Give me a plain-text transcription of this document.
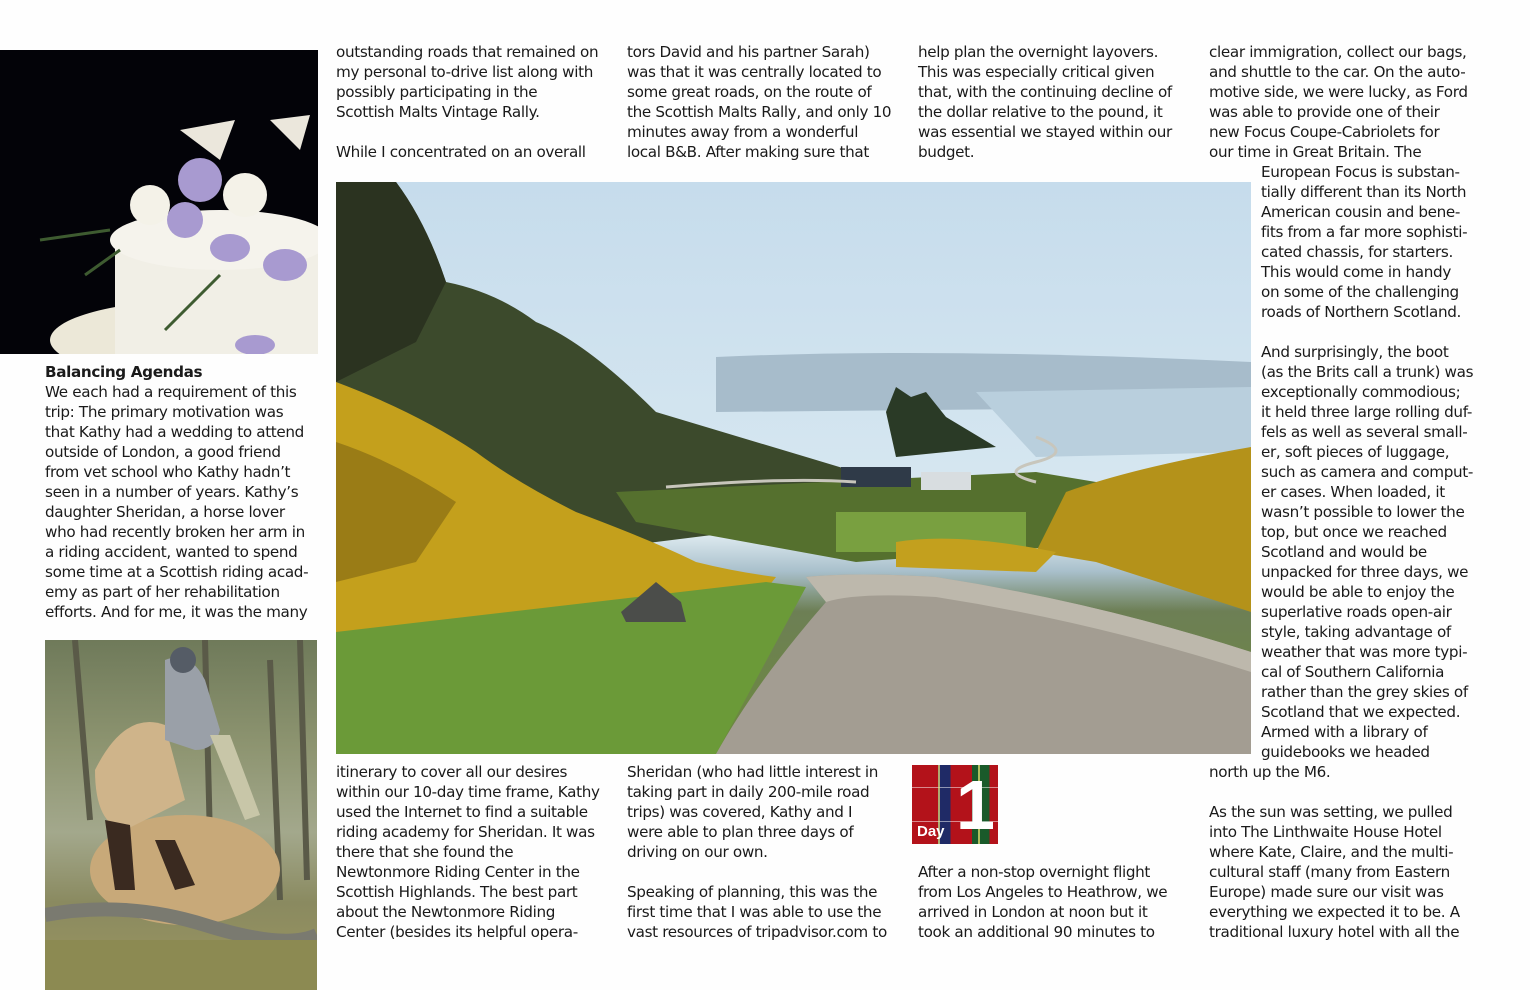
Balancing Agendas
We each had a requirement of this
trip: The primary motivation was
that Kathy had a wedding to attend
outside of London, a good friend
from vet school who Kathy hadn’t
seen in a number of years. Kathy’s
daughter Sheridan, a horse lover
who had recently broken her arm in
a riding accident, wanted to spend
some time at a Scottish riding acad-
emy as part of her rehabilitation
efforts. And for me, it was the many

outstanding roads that remained on
my personal to-drive list along with
possibly participating in the
Scottish Malts Vintage Rally.

While I concentrated on an overall

tors David and his partner Sarah)
was that it was centrally located to
some great roads, on the route of
the Scottish Malts Rally, and only 10
minutes away from a wonderful
local B&B. After making sure that
help plan the overnight layovers.
This was especially critical given
that, with the continuing decline of
the dollar relative to the pound, it
was essential we stayed within our
budget.
clear immigration, collect our bags,
and shuttle to the car. On the auto-
motive side, we were lucky, as Ford
was able to provide one of their
new Focus Coupe-Cabriolets for
our time in Great Britain. The
European Focus is substan-
tially different than its North
American cousin and bene-
fits from a far more sophisti-
cated chassis, for starters.
This would come in handy
on some of the challenging
roads of Northern Scotland.
And surprisingly, the boot
(as the Brits call a trunk) was
exceptionally commodious;
it held three large rolling duf-
fels as well as several small-
er, soft pieces of luggage,
such as camera and comput-
er cases. When loaded, it
wasn’t possible to lower the
top, but once we reached
Scotland and would be
unpacked for three days, we
would be able to enjoy the
superlative roads open-air
style, taking advantage of
weather that was more typi-
cal of Southern California
rather than the grey skies of
Scotland that we expected.
Armed with a library of
guidebooks we headed
north up the M6.
As the sun was setting, we pulled
into The Linthwaite House Hotel
where Kate, Claire, and the multi-
cultural staff (many from Eastern
Europe) made sure our visit was
everything we expected it to be. A
traditional luxury hotel with all the
itinerary to cover all our desires
within our 10-day time frame, Kathy
used the Internet to find a suitable
riding academy for Sheridan. It was
there that she found the
Newtonmore Riding Center in the
Scottish Highlands. The best part
about the Newtonmore Riding
Center (besides its helpful opera-
Sheridan (who had little interest in
taking part in daily 200-mile road
trips) was covered, Kathy and I
were able to plan three days of
driving on our own.
Speaking of planning, this was the
first time that I was able to use the
vast resources of tripadvisor.com to
Day 1
After a non-stop overnight flight
from Los Angeles to Heathrow, we
arrived in London at noon but it
took an additional 90 minutes to
